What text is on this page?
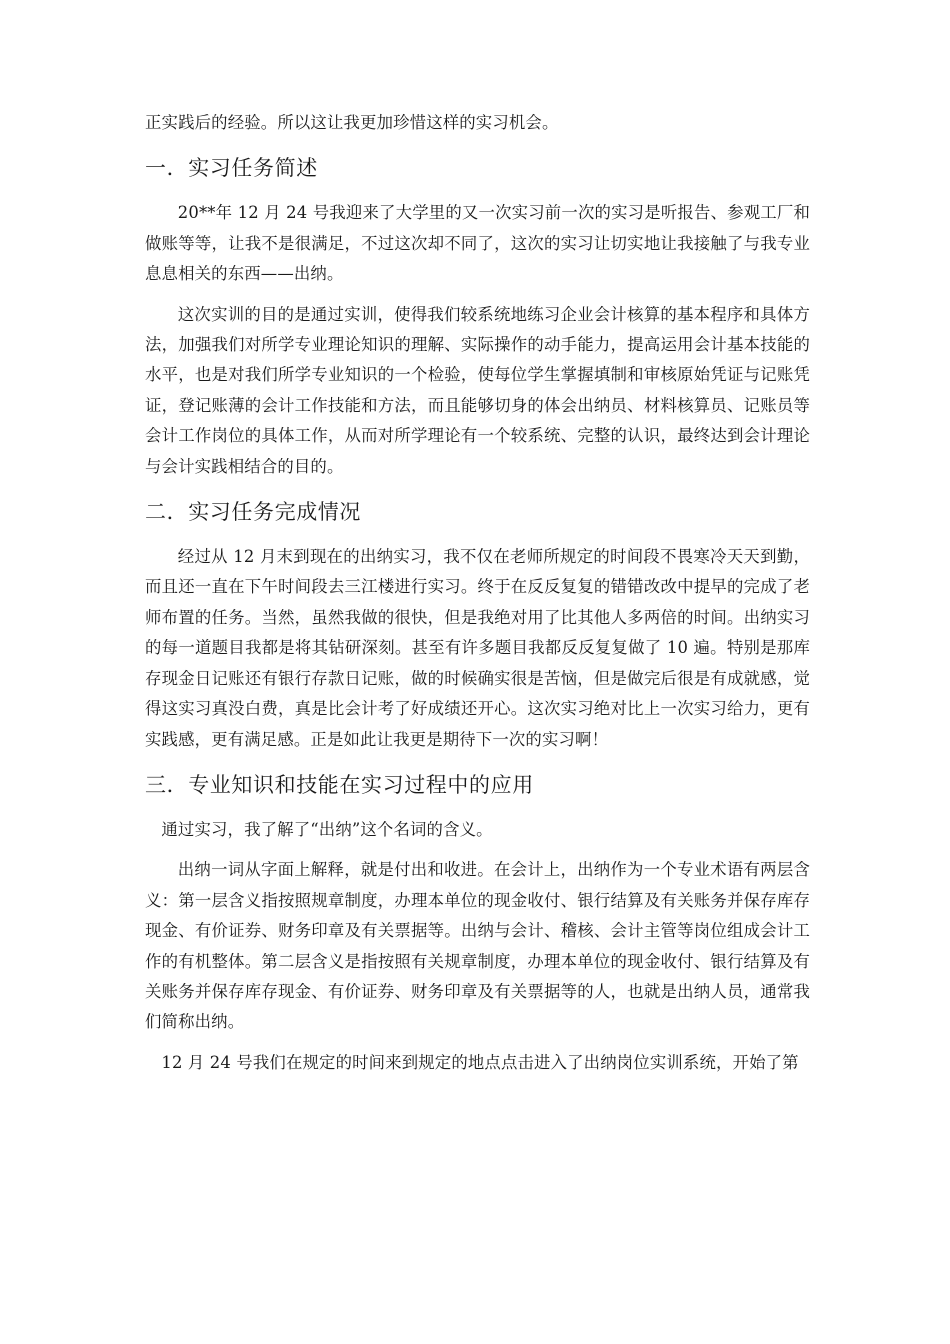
正实践后的经验。所以这让我更加珍惜这样的实习机会。

一．实习任务简述

20**年 12 月 24 号我迎来了大学里的又一次实习前一次的实习是听报告、参观工厂和做账等等，让我不是很满足，不过这次却不同了，这次的实习让切实地让我接触了与我专业息息相关的东西——出纳。

这次实训的目的是通过实训，使得我们较系统地练习企业会计核算的基本程序和具体方法，加强我们对所学专业理论知识的理解、实际操作的动手能力，提高运用会计基本技能的水平，也是对我们所学专业知识的一个检验，使每位学生掌握填制和审核原始凭证与记账凭证，登记账薄的会计工作技能和方法，而且能够切身的体会出纳员、材料核算员、记账员等会计工作岗位的具体工作，从而对所学理论有一个较系统、完整的认识，最终达到会计理论与会计实践相结合的目的。

二．实习任务完成情况

经过从 12 月末到现在的出纳实习，我不仅在老师所规定的时间段不畏寒冷天天到勤，而且还一直在下午时间段去三江楼进行实习。终于在反反复复的错错改改中提早的完成了老师布置的任务。当然，虽然我做的很快，但是我绝对用了比其他人多两倍的时间。出纳实习的每一道题目我都是将其钻研深刻。甚至有许多题目我都反反复复做了 10 遍。特别是那库存现金日记账还有银行存款日记账，做的时候确实很是苦恼，但是做完后很是有成就感，觉得这实习真没白费，真是比会计考了好成绩还开心。这次实习绝对比上一次实习给力，更有实践感，更有满足感。正是如此让我更是期待下一次的实习啊！

三．专业知识和技能在实习过程中的应用

通过实习，我了解了“出纳”这个名词的含义。

出纳一词从字面上解释，就是付出和收进。在会计上，出纳作为一个专业术语有两层含义：第一层含义指按照规章制度，办理本单位的现金收付、银行结算及有关账务并保存库存现金、有价证券、财务印章及有关票据等。出纳与会计、稽核、会计主管等岗位组成会计工作的有机整体。第二层含义是指按照有关规章制度，办理本单位的现金收付、银行结算及有关账务并保存库存现金、有价证券、财务印章及有关票据等的人，也就是出纳人员，通常我们简称出纳。

12 月 24 号我们在规定的时间来到规定的地点点击进入了出纳岗位实训系统，开始了第
